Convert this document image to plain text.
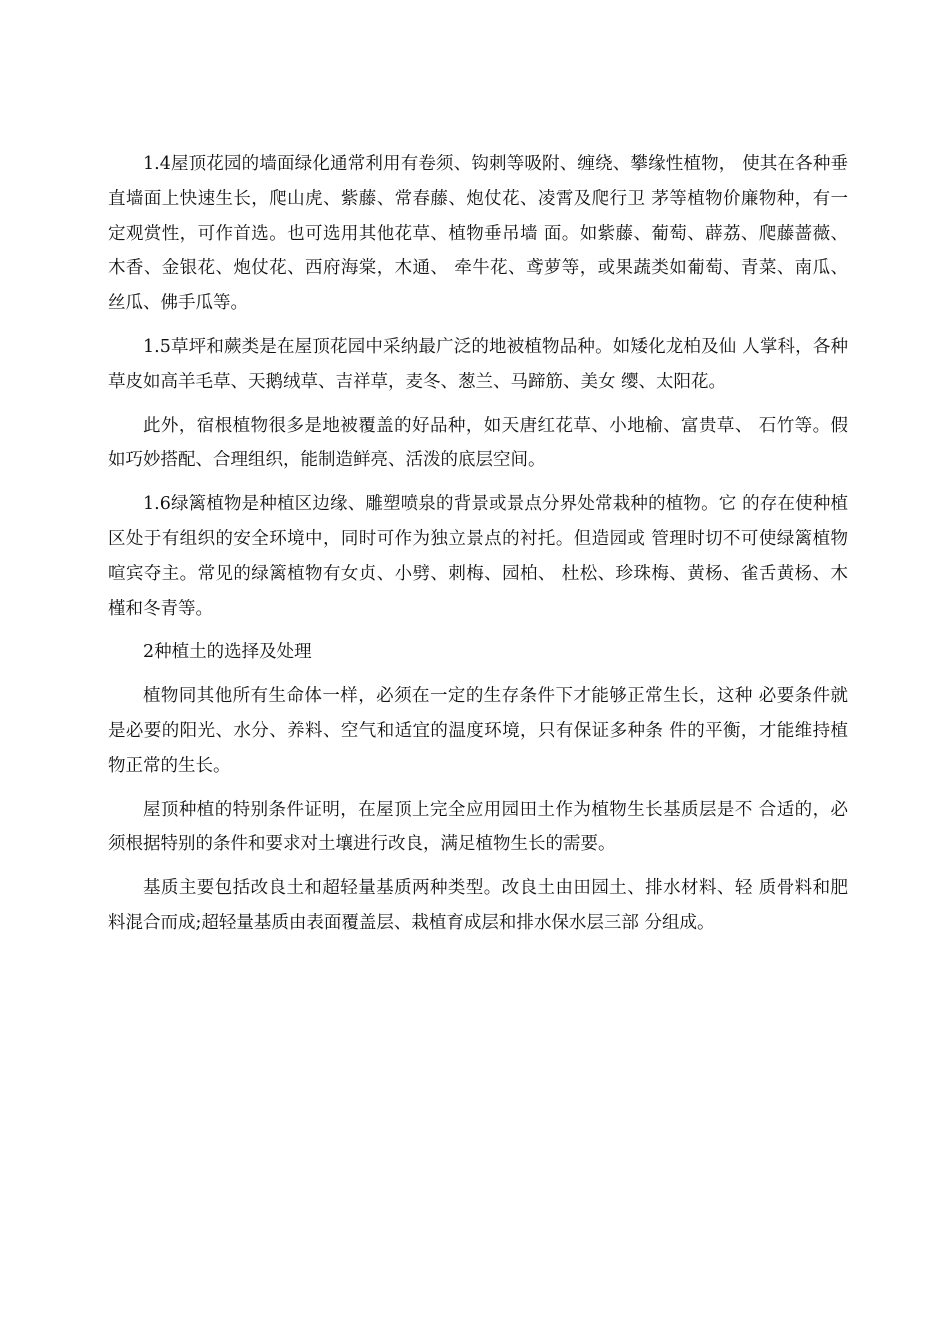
1.4屋顶花园的墙面绿化通常利用有卷须、钩刺等吸附、缠绕、攀缘性植物， 使其在各种垂直墙面上快速生长，爬山虎、紫藤、常春藤、炮仗花、凌霄及爬行卫 茅等植物价廉物种，有一定观赏性，可作首选。也可选用其他花草、植物垂吊墙 面。如紫藤、葡萄、薜荔、爬藤蔷薇、木香、金银花、炮仗花、西府海棠，木通、 牵牛花、鸢萝等，或果蔬类如葡萄、青菜、南瓜、丝瓜、佛手瓜等。

1.5草坪和蕨类是在屋顶花园中采纳最广泛的地被植物品种。如矮化龙柏及仙 人掌科，各种草皮如高羊毛草、天鹅绒草、吉祥草，麦冬、葱兰、马蹄筋、美女 缨、太阳花。

此外，宿根植物很多是地被覆盖的好品种，如天唐红花草、小地榆、富贵草、 石竹等。假如巧妙搭配、合理组织，能制造鲜亮、活泼的底层空间。

1.6绿篱植物是种植区边缘、雕塑喷泉的背景或景点分界处常栽种的植物。它 的存在使种植区处于有组织的安全环境中，同时可作为独立景点的衬托。但造园或 管理时切不可使绿篱植物喧宾夺主。常见的绿篱植物有女贞、小劈、刺梅、园柏、 杜松、珍珠梅、黄杨、雀舌黄杨、木槿和冬青等。

2种植土的选择及处理

植物同其他所有生命体一样，必须在一定的生存条件下才能够正常生长，这种 必要条件就是必要的阳光、水分、养料、空气和适宜的温度环境，只有保证多种条 件的平衡，才能维持植物正常的生长。

屋顶种植的特别条件证明，在屋顶上完全应用园田土作为植物生长基质层是不 合适的，必须根据特别的条件和要求对土壤进行改良，满足植物生长的需要。

基质主要包括改良土和超轻量基质两种类型。改良土由田园土、排水材料、轻 质骨料和肥料混合而成;超轻量基质由表面覆盖层、栽植育成层和排水保水层三部 分组成。
